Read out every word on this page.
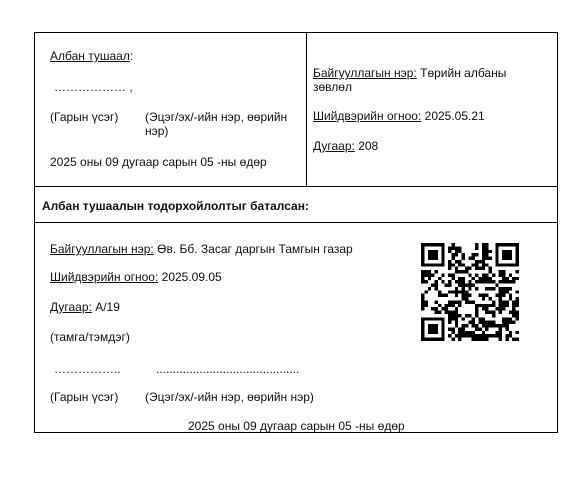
Албан тушаал:
……………… ,
(Гарын үсэг) (Эцэг/эх/-ийн нэр, өөрийн нэр)
2025 оны 09 дугаар сарын 05 -ны өдөр
Байгууллагын нэр: Төрийн албаны зөвлөл
Шийдвэрийн огноо: 2025.05.21
Дугаар: 208
Албан тушаалын тодорхойлолтыг баталсан:
Байгууллагын нэр: Өв. Бб. Засаг даргын Тамгын газар
Шийдвэрийн огноо: 2025.09.05
Дугаар: А/19
(тамга/тэмдэг)
……………..	...........................................
(Гарын үсэг) (Эцэг/эх/-ийн нэр, өөрийн нэр)
2025 оны 09 дугаар сарын 05 -ны өдөр
